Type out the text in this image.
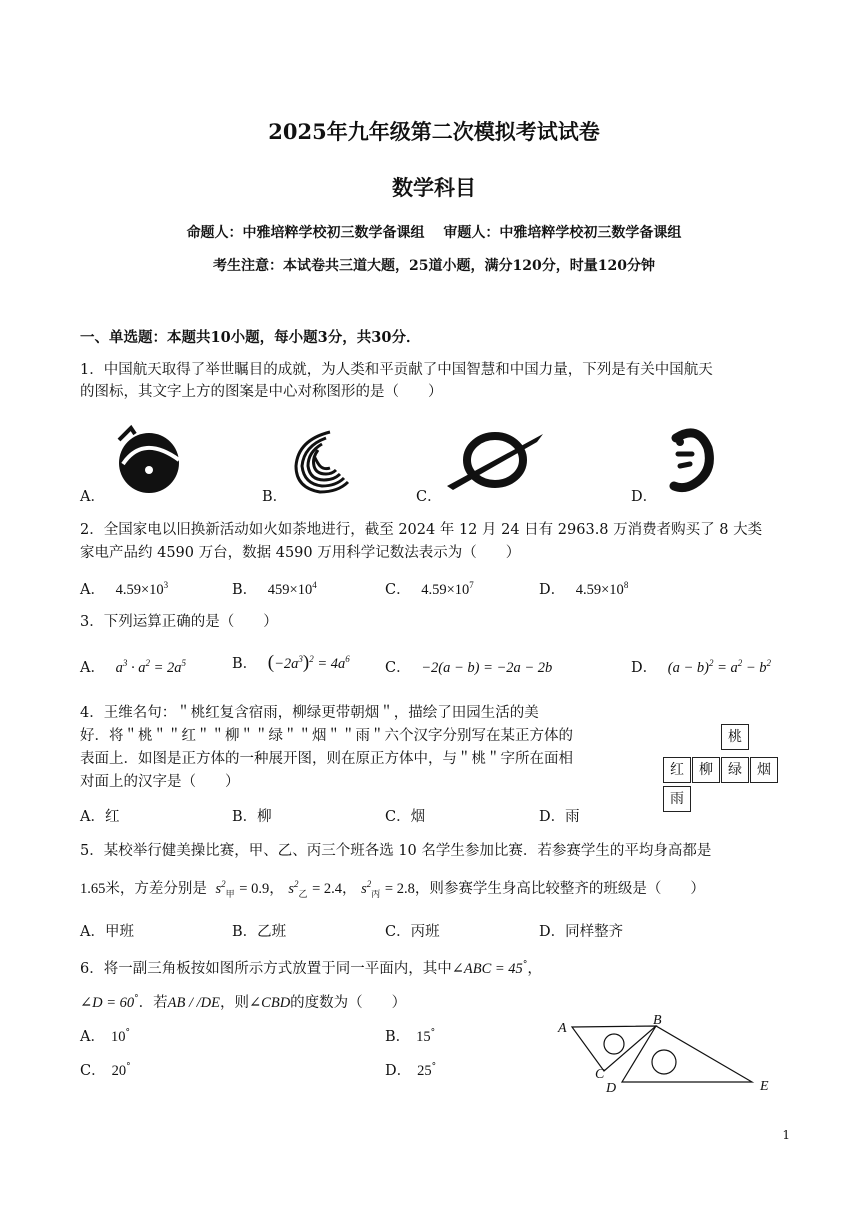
2025年九年级第二次模拟考试试卷
数学科目
命题人：中雅培粹学校初三数学备课组　 审题人：中雅培粹学校初三数学备课组
考生注意：本试卷共三道大题，25道小题，满分120分，时量120分钟
一、单选题：本题共10小题，每小题3分，共30分．
1．中国航天取得了举世瞩目的成就，为人类和平贡献了中国智慧和中国力量，下列是有关中国航天
的图标，其文字上方的图案是中心对称图形的是（　　）
A．	B．	C．	D．
2．全国家电以旧换新活动如火如荼地进行，截至 2024 年 12 月 24 日有 2963.8 万消费者购买了 8 大类
家电产品约 4590 万台，数据 4590 万用科学记数法表示为（　　）
A． $4.59\times 10^3$	B． $459\times 10^4$	C． $4.59\times 10^7$	D． $4.59\times 10^8$
3．下列运算正确的是（　　）
A． $a^3 \cdot a^2 = 2a^5$	B． $(-2a^3)^2 = 4a^6$
C． −2(a − b) = −2a − 2b	D． $(a - b)^2 = a^2 - b^2$
4．王维名句：＂桃红复含宿雨，柳绿更带朝烟＂，描绘了田园生活的美
好．将＂桃＂＂红＂＂柳＂＂绿＂＂烟＂＂雨＂六个汉字分别写在某正方体的
表面上．如图是正方体的一种展开图，则在原正方体中，与＂桃＂字所在面相
对面上的汉字是（　　）
A．红	B．柳	C．烟	D．雨
桃
红	柳	绿	烟
雨
5．某校举行健美操比赛，甲、乙、丙三个班各选 10 名学生参加比赛．若参赛学生的平均身高都是
1.65米，方差分别是 $s^2_甲 = 0.9$， $s^2_乙 = 2.4$， $s^2_丙 = 2.8$，则参赛学生身高比较整齐的班级是（　　）
A．甲班	B．乙班	C．丙班	D．同样整齐
6．将一副三角板按如图所示方式放置于同一平面内，其中∠ABC = 45°，
∠D = 60°．若AB / /DE，则∠CBD的度数为（　　）
A． 10°	B． 15°
C． 20°	D． 25°
A
B
C
D	E
1
